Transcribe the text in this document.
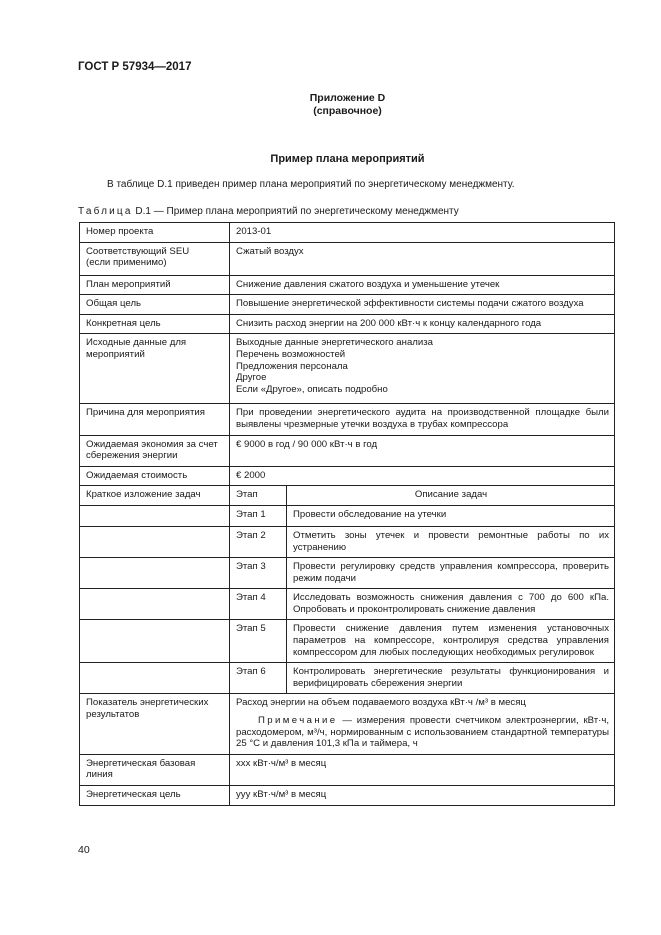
ГОСТ Р 57934—2017
Приложение D
(справочное)
Пример плана мероприятий
В таблице D.1 приведен пример плана мероприятий по энергетическому менеджменту.
Таблица D.1 — Пример плана мероприятий по энергетическому менеджменту
Номер проекта	2013-01	

Соответствующий SEU
(если применимо)	Сжатый воздух	
План мероприятий	Снижение давления сжатого воздуха и уменьшение утечек	
Общая цель	Повышение энергетической эффективности системы подачи сжатого воздуха	
Конкретная цель	Снизить расход энергии на 200 000 кВт·ч к концу календарного года	
Исходные данные для мероприятий	Выходные данные энергетического анализа
Перечень возможностей
Предложения персонала
Другое
Если «Другое», описать подробно	

Причина для мероприятия	При проведении энергетического аудита на производственной площадке были выявлены чрезмерные утечки воздуха в трубах компрессора	
Ожидаемая экономия за счет сбережения энергии	€ 9000 в год / 90 000 кВт·ч в год	
Ожидаемая стоимость	€ 2000	
Краткое изложение задач	Этап	Описание задач
	Этап 1	Провести обследование на утечки
	Этап 2	Отметить зоны утечек и провести ремонтные работы по их устранению
	Этап 3	Провести регулировку средств управления компрессора, проверить режим подачи
	Этап 4	Исследовать возможность снижения давления с 700 до 600 кПа. Опробовать и проконтролировать снижение давления
	Этап 5	Провести снижение давления путем изменения установочных параметров на компрессоре, контролируя средства управления компрессором для любых последующих необходимых регулировок
	Этап 6	Контролировать энергетические результаты функционирования и верифицировать сбережения энергии
Показатель энергетических результатов	Расход энергии на объем подаваемого воздуха кВт·ч /м³ в месяц
Примечание — измерения провести счетчиком электроэнергии, кВт·ч, расходомером, м³/ч, нормированным с использованием стандартной температуры 25 °С и давления 101,3 кПа и таймера, ч	

Энергетическая базовая линия	ххх кВт·ч/м³ в месяц	
Энергетическая цель	ууу кВт·ч/м³ в месяц	
40
